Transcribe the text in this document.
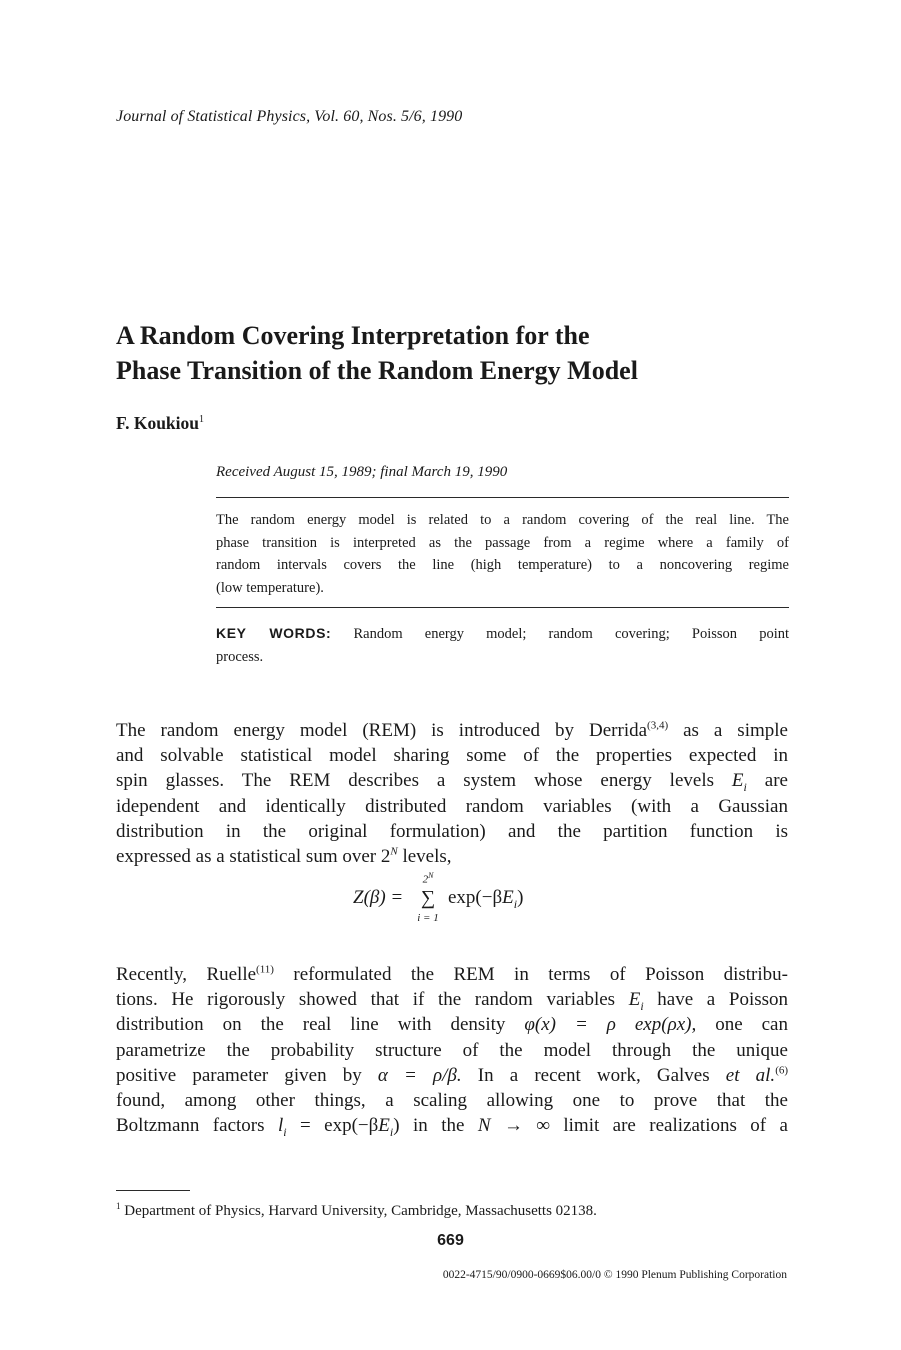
Journal of Statistical Physics, Vol. 60, Nos. 5/6, 1990
A Random Covering Interpretation for the
Phase Transition of the Random Energy Model
F. Koukiou$^1$
Received August 15, 1989; final March 19, 1990
The random energy model is related to a random covering of the real line. The
phase transition is interpreted as the passage from a regime where a family of
random intervals covers the line (high temperature) to a noncovering regime
(low temperature).
KEY WORDS: Random energy model; random covering; Poisson point
process.
The random energy model (REM) is introduced by Derrida$^{(3,4)}$ as a simple
and solvable statistical model sharing some of the properties expected in
spin glasses. The REM describes a system whose energy levels $E_i$ are
idependent and identically distributed random variables (with a Gaussian
distribution in the original formulation) and the partition function is
expressed as a statistical sum over $2^N$ levels,
Z(β) =
$2^N$
∑
i = 1
$\exp(-\beta E_i)$
Recently, Ruelle$^{(11)}$ reformulated the REM in terms of Poisson distribu-
tions. He rigorously showed that if the random variables $E_i$ have a Poisson
distribution on the real line with density φ(x) = ρ exp(ρx), one can
parametrize the probability structure of the model through the unique
positive parameter given by α = ρ/β. In a recent work, Galves et al.$^{(6)}$
found, among other things, a scaling allowing one to prove that the
Boltzmann factors $l_i = \exp(-\beta E_i)$ in the N → ∞ limit are realizations of a
$^1$ Department of Physics, Harvard University, Cambridge, Massachusetts 02138.
669
0022-4715/90/0900-0669$06.00/0 © 1990 Plenum Publishing Corporation
